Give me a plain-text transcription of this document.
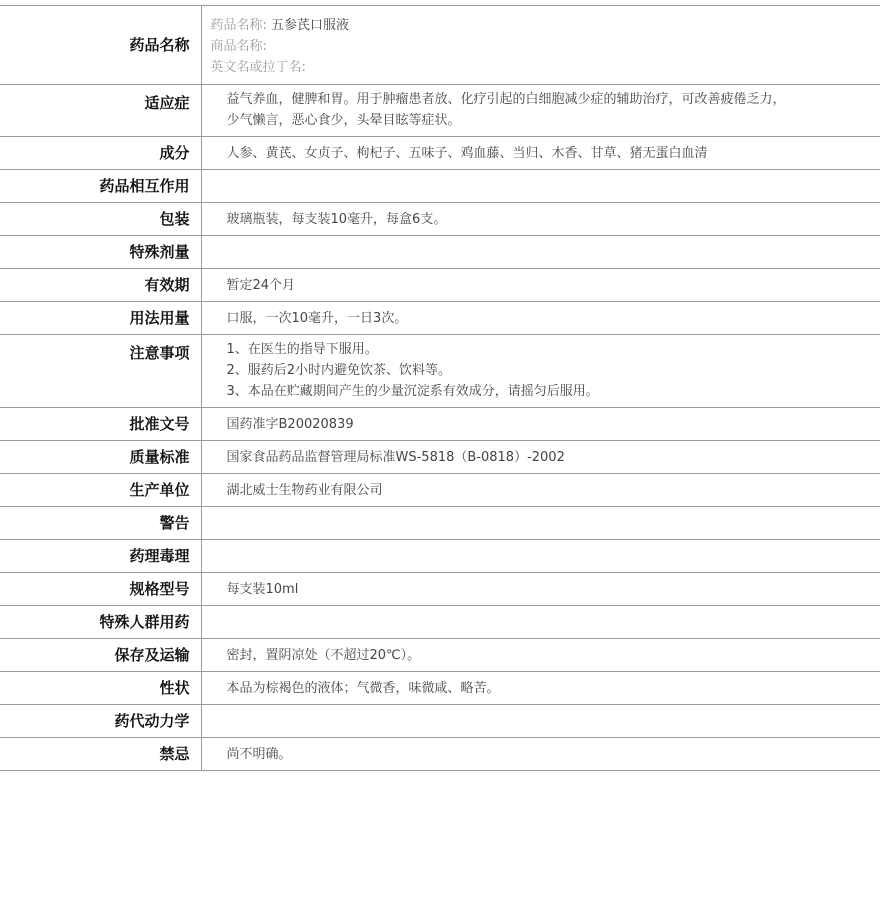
药品名称	药品名称: 五参芪口服液
商品名称:
英文名或拉丁名:

适应症	益气养血，健脾和胃。用于肿瘤患者放、化疗引起的白细胞减少症的辅助治疗，可改善疲倦乏力，少气懒言，恶心食少，头晕目眩等症状。
成分	人参、黄芪、女贞子、枸杞子、五味子、鸡血藤、当归、木香、甘草、猪无蛋白血清
药品相互作用	
包装	玻璃瓶装，每支装10毫升，每盒6支。
特殊剂量	
有效期	暂定24个月
用法用量	口服，一次10毫升，一日3次。
注意事项	1、在医生的指导下服用。
2、服药后2小时内避免饮茶、饮料等。
3、本品在贮藏期间产生的少量沉淀系有效成分，请摇匀后服用。

批准文号	国药准字B20020839
质量标准	国家食品药品监督管理局标准WS-5818（B-0818）-2002
生产单位	湖北威士生物药业有限公司
警告	
药理毒理	
规格型号	每支装10ml
特殊人群用药	
保存及运输	密封，置阴凉处（不超过20℃）。
性状	本品为棕褐色的液体；气微香，味微咸、略苦。
药代动力学	
禁忌	尚不明确。
